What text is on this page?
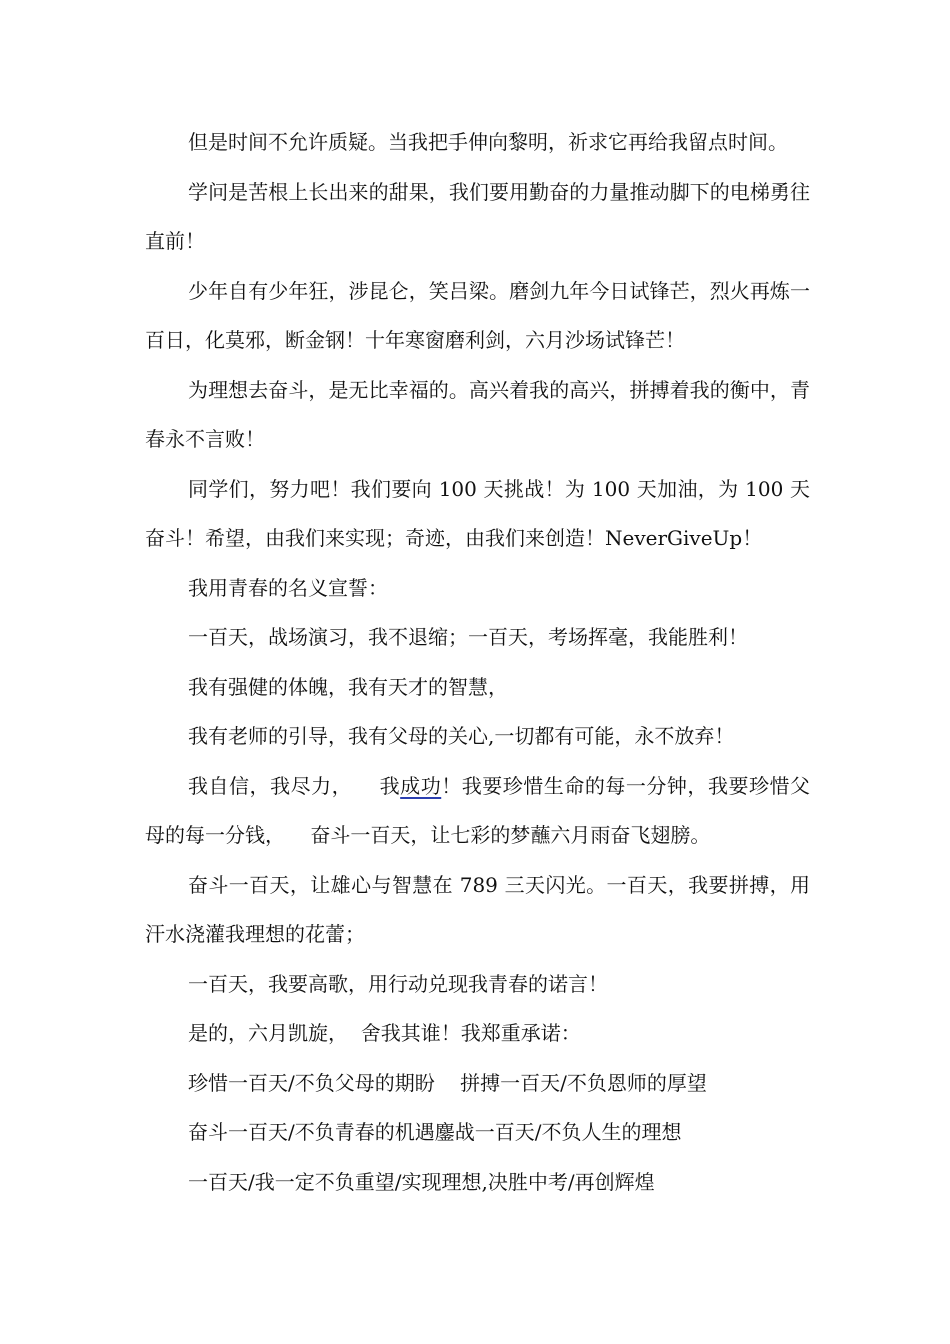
但是时间不允许质疑。当我把手伸向黎明，祈求它再给我留点时间。

学问是苦根上长出来的甜果，我们要用勤奋的力量推动脚下的电梯勇往直前！

少年自有少年狂，涉昆仑，笑吕梁。磨剑九年今日试锋芒，烈火再炼一百日，化莫邪，断金钢！十年寒窗磨利剑，六月沙场试锋芒！

为理想去奋斗，是无比幸福的。高兴着我的高兴，拼搏着我的衡中，青春永不言败！

同学们，努力吧！我们要向 100 天挑战！为 100 天加油，为 100 天奋斗！希望，由我们来实现；奇迹，由我们来创造！NeverGiveUp！

我用青春的名义宣誓：

一百天，战场演习，我不退缩；一百天，考场挥毫，我能胜利！

我有强健的体魄，我有天才的智慧，

我有老师的引导，我有父母的关心,一切都有可能，永不放弃！

我自信，我尽力，    我成功！我要珍惜生命的每一分钟，我要珍惜父母的每一分钱，    奋斗一百天，让七彩的梦蘸六月雨奋飞翅膀。

奋斗一百天，让雄心与智慧在 789 三天闪光。一百天，我要拼搏，用汗水浇灌我理想的花蕾；

一百天，我要高歌，用行动兑现我青春的诺言！

是的，六月凯旋，  舍我其谁！我郑重承诺：

珍惜一百天/不负父母的期盼    拼搏一百天/不负恩师的厚望

奋斗一百天/不负青春的机遇鏖战一百天/不负人生的理想

一百天/我一定不负重望/实现理想,决胜中考/再创辉煌
